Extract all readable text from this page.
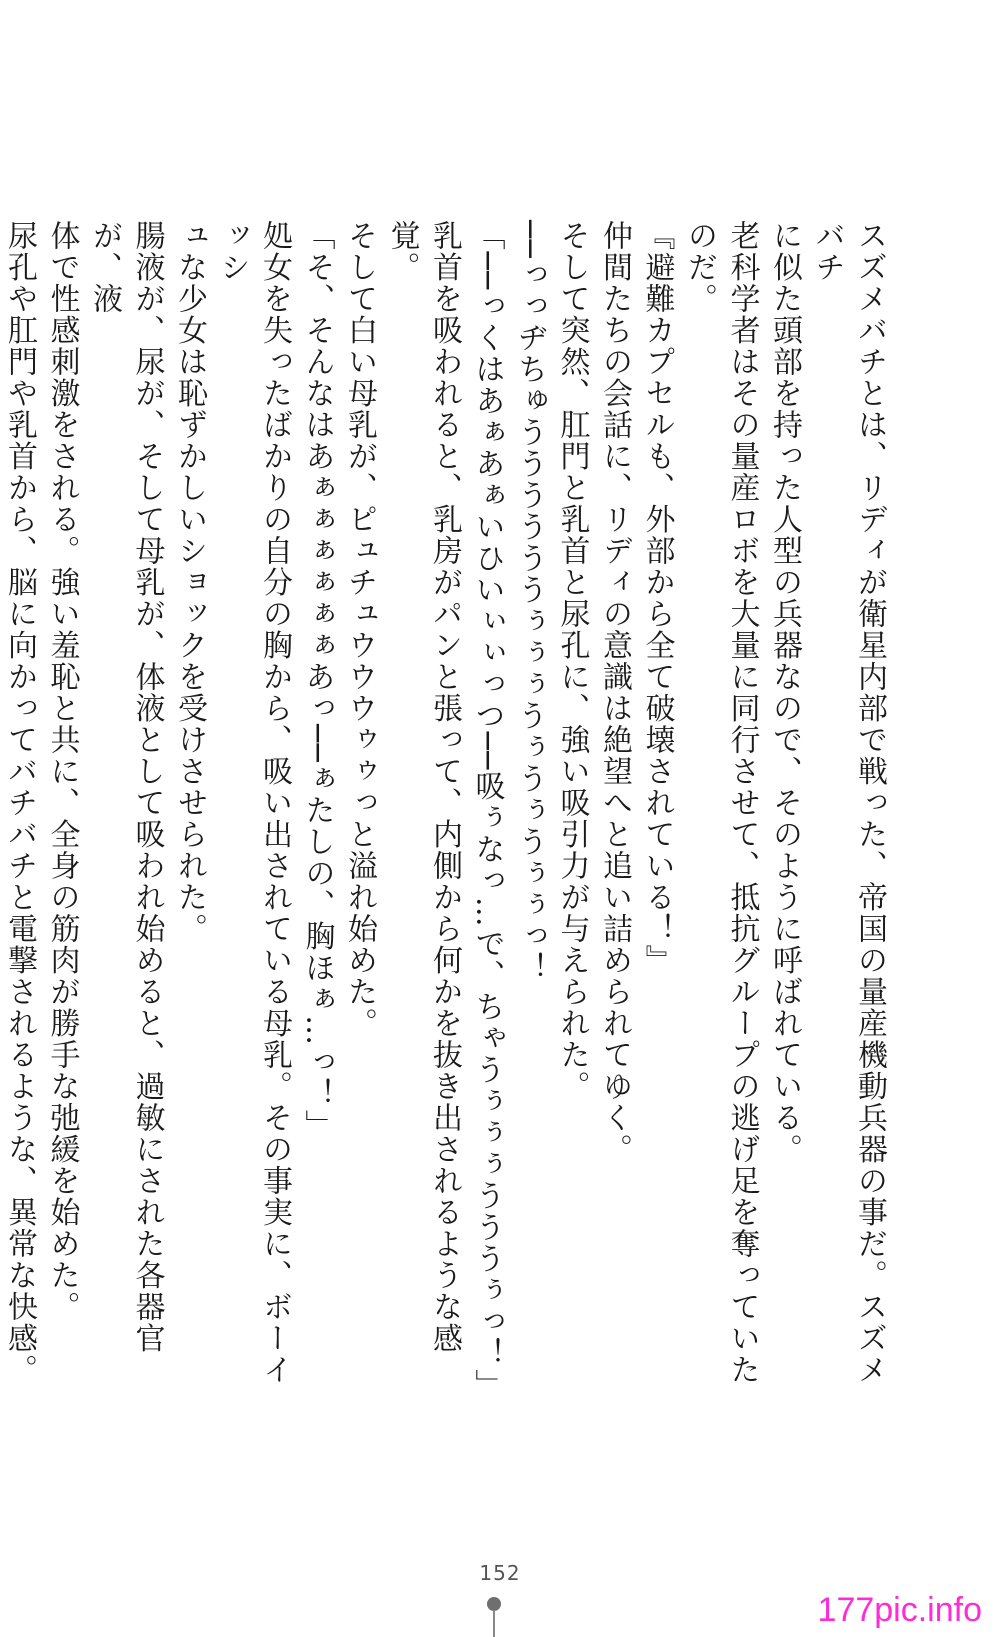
スズメバチとは、リディが衛星内部で戦った、帝国の量産機動兵器の事だ。スズメバチ
に似た頭部を持った人型の兵器なので、そのように呼ばれている。
老科学者はその量産ロボを大量に同行させて、抵抗グループの逃げ足を奪っていたのだ。
『避難カプセルも、外部から全て破壊されている！』
仲間たちの会話に、リディの意識は絶望へと追い詰められてゆく。
そして突然、肛門と乳首と尿孔に、強い吸引力が与えられた。
──っっヂちゅううううううぅぅぅうぅうぅうぅぅっ！
「──っくはあぁあぁいひいぃぃっつ──吸ぅなっ…で、ちゃうぅぅぅうううぅっ！」
乳首を吸われると、乳房がパンと張って、内側から何かを抜き出されるような感覚。
そして白い母乳が、ピュチュウウウゥゥっと溢れ始めた。
「そ、そんなはあぁぁぁぁぁぁあっ──ぁたしの、胸ほぁ…っ！」
処女を失ったばかりの自分の胸から、吸い出されている母乳。その事実に、ボーイッシ
ュな少女は恥ずかしいショックを受けさせられた。
腸液が、尿が、そして母乳が、体液として吸われ始めると、過敏にされた各器官が、液
体で性感刺激をされる。強い羞恥と共に、全身の筋肉が勝手な弛緩を始めた。
尿孔や肛門や乳首から、脳に向かってバチバチと電撃されるような、異常な快感。
152
177pic.info
